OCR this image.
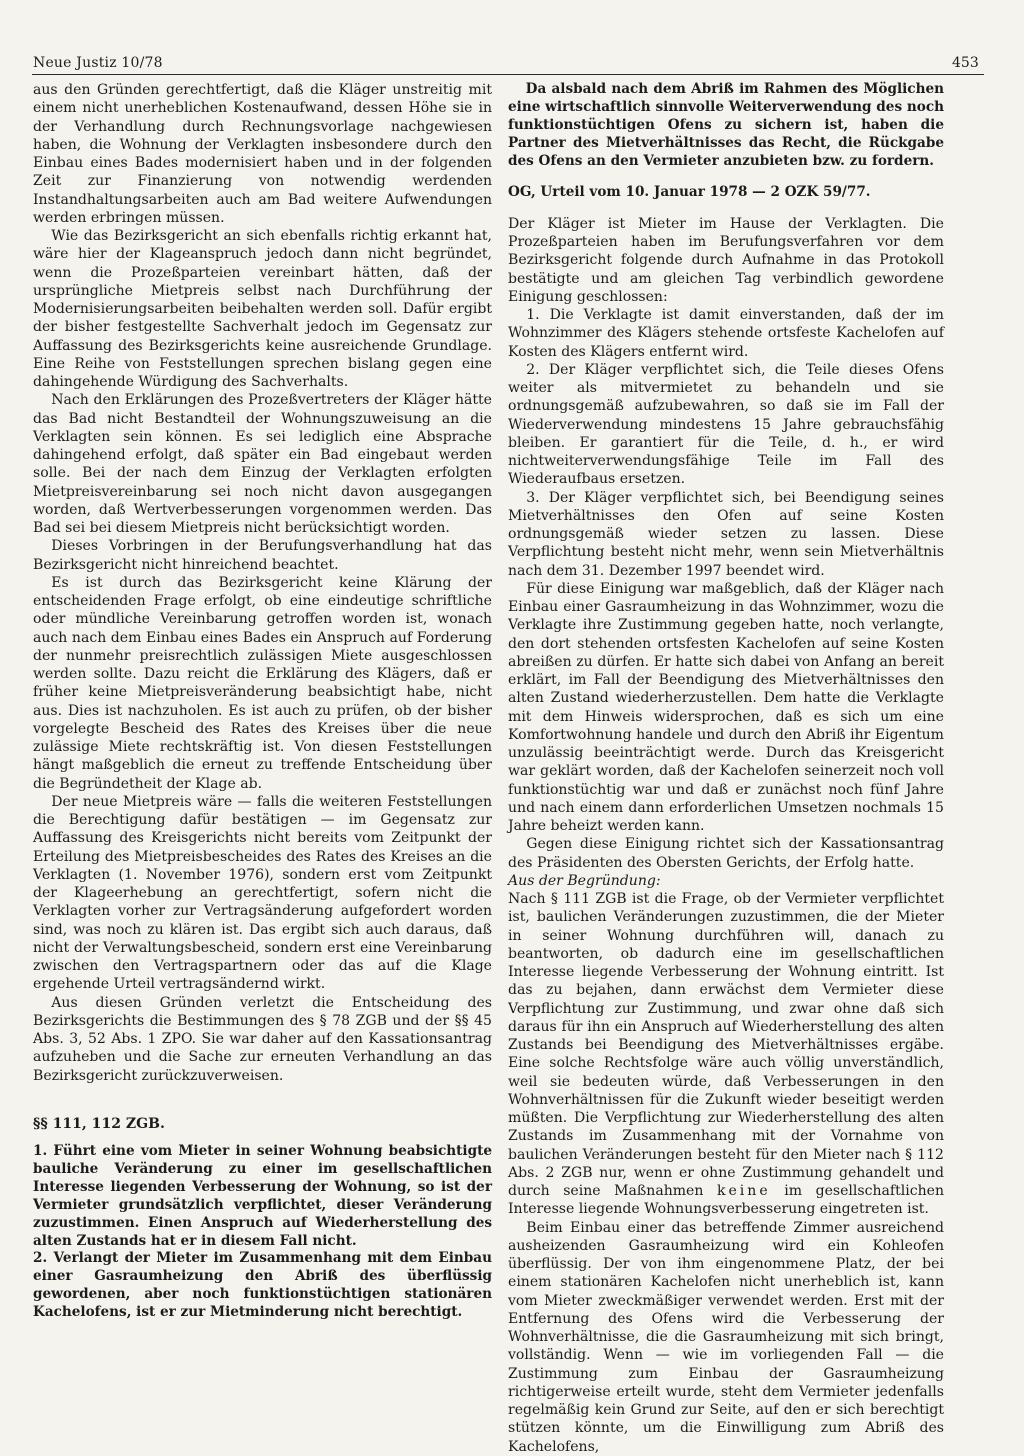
Neue Justiz 10/78	453

aus den Gründen gerechtfertigt, daß die Kläger unstreitig mit einem nicht unerheblichen Kostenaufwand, dessen Höhe sie in der Verhandlung durch Rechnungsvorlage nachgewiesen haben, die Wohnung der Verklagten insbesondere durch den Einbau eines Bades modernisiert haben und in der folgenden Zeit zur Finanzierung von notwendig werdenden Instandhaltungsarbeiten auch am Bad weitere Aufwendungen werden erbringen müssen.

Wie das Bezirksgericht an sich ebenfalls richtig erkannt hat, wäre hier der Klageanspruch jedoch dann nicht begründet, wenn die Prozeßparteien vereinbart hätten, daß der ursprüngliche Mietpreis selbst nach Durchführung der Modernisierungsarbeiten beibehalten werden soll. Dafür ergibt der bisher festgestellte Sachverhalt jedoch im Gegensatz zur Auffassung des Bezirksgerichts keine ausreichende Grundlage. Eine Reihe von Feststellungen sprechen bislang gegen eine dahingehende Würdigung des Sachverhalts.

Nach den Erklärungen des Prozeßvertreters der Kläger hätte das Bad nicht Bestandteil der Wohnungszuweisung an die Verklagten sein können. Es sei lediglich eine Absprache dahingehend erfolgt, daß später ein Bad eingebaut werden solle. Bei der nach dem Einzug der Verklagten erfolgten Mietpreisvereinbarung sei noch nicht davon ausgegangen worden, daß Wertverbesserungen vorgenommen werden. Das Bad sei bei diesem Mietpreis nicht berücksichtigt worden.

Dieses Vorbringen in der Berufungsverhandlung hat das Bezirksgericht nicht hinreichend beachtet.

Es ist durch das Bezirksgericht keine Klärung der entscheidenden Frage erfolgt, ob eine eindeutige schriftliche oder mündliche Vereinbarung getroffen worden ist, wonach auch nach dem Einbau eines Bades ein Anspruch auf Forderung der nunmehr preisrechtlich zulässigen Miete ausgeschlossen werden sollte. Dazu reicht die Erklärung des Klägers, daß er früher keine Mietpreisveränderung beabsichtigt habe, nicht aus. Dies ist nachzuholen. Es ist auch zu prüfen, ob der bisher vorgelegte Bescheid des Rates des Kreises über die neue zulässige Miete rechtskräftig ist. Von diesen Feststellungen hängt maßgeblich die erneut zu treffende Entscheidung über die Begründetheit der Klage ab.

Der neue Mietpreis wäre — falls die weiteren Feststellungen die Berechtigung dafür bestätigen — im Gegensatz zur Auffassung des Kreisgerichts nicht bereits vom Zeitpunkt der Erteilung des Mietpreisbescheides des Rates des Kreises an die Verklagten (1. November 1976), sondern erst vom Zeitpunkt der Klageerhebung an gerechtfertigt, sofern nicht die Verklagten vorher zur Vertragsänderung aufgefordert worden sind, was noch zu klären ist. Das ergibt sich auch daraus, daß nicht der Verwaltungsbescheid, sondern erst eine Vereinbarung zwischen den Vertragspartnern oder das auf die Klage ergehende Urteil vertragsändernd wirkt.

Aus diesen Gründen verletzt die Entscheidung des Bezirksgerichts die Bestimmungen des § 78 ZGB und der §§ 45 Abs. 3, 52 Abs. 1 ZPO. Sie war daher auf den Kassationsantrag aufzuheben und die Sache zur erneuten Verhandlung an das Bezirksgericht zurückzuverweisen.

§§ 111, 112 ZGB.

1. Führt eine vom Mieter in seiner Wohnung beabsichtigte bauliche Veränderung zu einer im gesellschaftlichen Interesse liegenden Verbesserung der Wohnung, so ist der Vermieter grundsätzlich verpflichtet, dieser Veränderung zuzustimmen. Einen Anspruch auf Wiederherstellung des alten Zustands hat er in diesem Fall nicht.

2. Verlangt der Mieter im Zusammenhang mit dem Einbau einer Gasraumheizung den Abriß des überflüssig gewordenen, aber noch funktionstüchtigen stationären Kachelofens, ist er zur Mietminderung nicht berechtigt.

Da alsbald nach dem Abriß im Rahmen des Möglichen eine wirtschaftlich sinnvolle Weiterverwendung des noch funktionstüchtigen Ofens zu sichern ist, haben die Partner des Mietverhältnisses das Recht, die Rückgabe des Ofens an den Vermieter anzubieten bzw. zu fordern.

OG, Urteil vom 10. Januar 1978 — 2 OZK 59/77.

Der Kläger ist Mieter im Hause der Verklagten. Die Prozeßparteien haben im Berufungsverfahren vor dem Bezirksgericht folgende durch Aufnahme in das Protokoll bestätigte und am gleichen Tag verbindlich gewordene Einigung geschlossen:

1. Die Verklagte ist damit einverstanden, daß der im Wohnzimmer des Klägers stehende ortsfeste Kachelofen auf Kosten des Klägers entfernt wird.

2. Der Kläger verpflichtet sich, die Teile dieses Ofens weiter als mitvermietet zu behandeln und sie ordnungsgemäß aufzubewahren, so daß sie im Fall der Wiederverwendung mindestens 15 Jahre gebrauchsfähig bleiben. Er garantiert für die Teile, d. h., er wird nichtweiterverwendungsfähige Teile im Fall des Wiederaufbaus ersetzen.

3. Der Kläger verpflichtet sich, bei Beendigung seines Mietverhältnisses den Ofen auf seine Kosten ordnungsgemäß wieder setzen zu lassen. Diese Verpflichtung besteht nicht mehr, wenn sein Mietverhältnis nach dem 31. Dezember 1997 beendet wird.

Für diese Einigung war maßgeblich, daß der Kläger nach Einbau einer Gasraumheizung in das Wohnzimmer, wozu die Verklagte ihre Zustimmung gegeben hatte, noch verlangte, den dort stehenden ortsfesten Kachelofen auf seine Kosten abreißen zu dürfen. Er hatte sich dabei von Anfang an bereit erklärt, im Fall der Beendigung des Mietverhältnisses den alten Zustand wiederherzustellen. Dem hatte die Verklagte mit dem Hinweis widersprochen, daß es sich um eine Komfortwohnung handele und durch den Abriß ihr Eigentum unzulässig beeinträchtigt werde. Durch das Kreisgericht war geklärt worden, daß der Kachelofen seinerzeit noch voll funktionstüchtig war und daß er zunächst noch fünf Jahre und nach einem dann erforderlichen Umsetzen nochmals 15 Jahre beheizt werden kann.

Gegen diese Einigung richtet sich der Kassationsantrag des Präsidenten des Obersten Gerichts, der Erfolg hatte.

Aus der Begründung:

Nach § 111 ZGB ist die Frage, ob der Vermieter verpflichtet ist, baulichen Veränderungen zuzustimmen, die der Mieter in seiner Wohnung durchführen will, danach zu beantworten, ob dadurch eine im gesellschaftlichen Interesse liegende Verbesserung der Wohnung eintritt. Ist das zu bejahen, dann erwächst dem Vermieter diese Verpflichtung zur Zustimmung, und zwar ohne daß sich daraus für ihn ein Anspruch auf Wiederherstellung des alten Zustands bei Beendigung des Mietverhältnisses ergäbe. Eine solche Rechtsfolge wäre auch völlig unverständlich, weil sie bedeuten würde, daß Verbesserungen in den Wohnverhältnissen für die Zukunft wieder beseitigt werden müßten. Die Verpflichtung zur Wiederherstellung des alten Zustands im Zusammenhang mit der Vornahme von baulichen Veränderungen besteht für den Mieter nach § 112 Abs. 2 ZGB nur, wenn er ohne Zustimmung gehandelt und durch seine Maßnahmen keine im gesellschaftlichen Interesse liegende Wohnungsverbesserung eingetreten ist.

Beim Einbau einer das betreffende Zimmer ausreichend ausheizenden Gasraumheizung wird ein Kohleofen überflüssig. Der von ihm eingenommene Platz, der bei einem stationären Kachelofen nicht unerheblich ist, kann vom Mieter zweckmäßiger verwendet werden. Erst mit der Entfernung des Ofens wird die Verbesserung der Wohnverhältnisse, die die Gasraumheizung mit sich bringt, vollständig. Wenn — wie im vorliegenden Fall — die Zustimmung zum Einbau der Gasraumheizung richtigerweise erteilt wurde, steht dem Vermieter jedenfalls regelmäßig kein Grund zur Seite, auf den er sich berechtigt stützen könnte, um die Einwilligung zum Abriß des Kachelofens,
